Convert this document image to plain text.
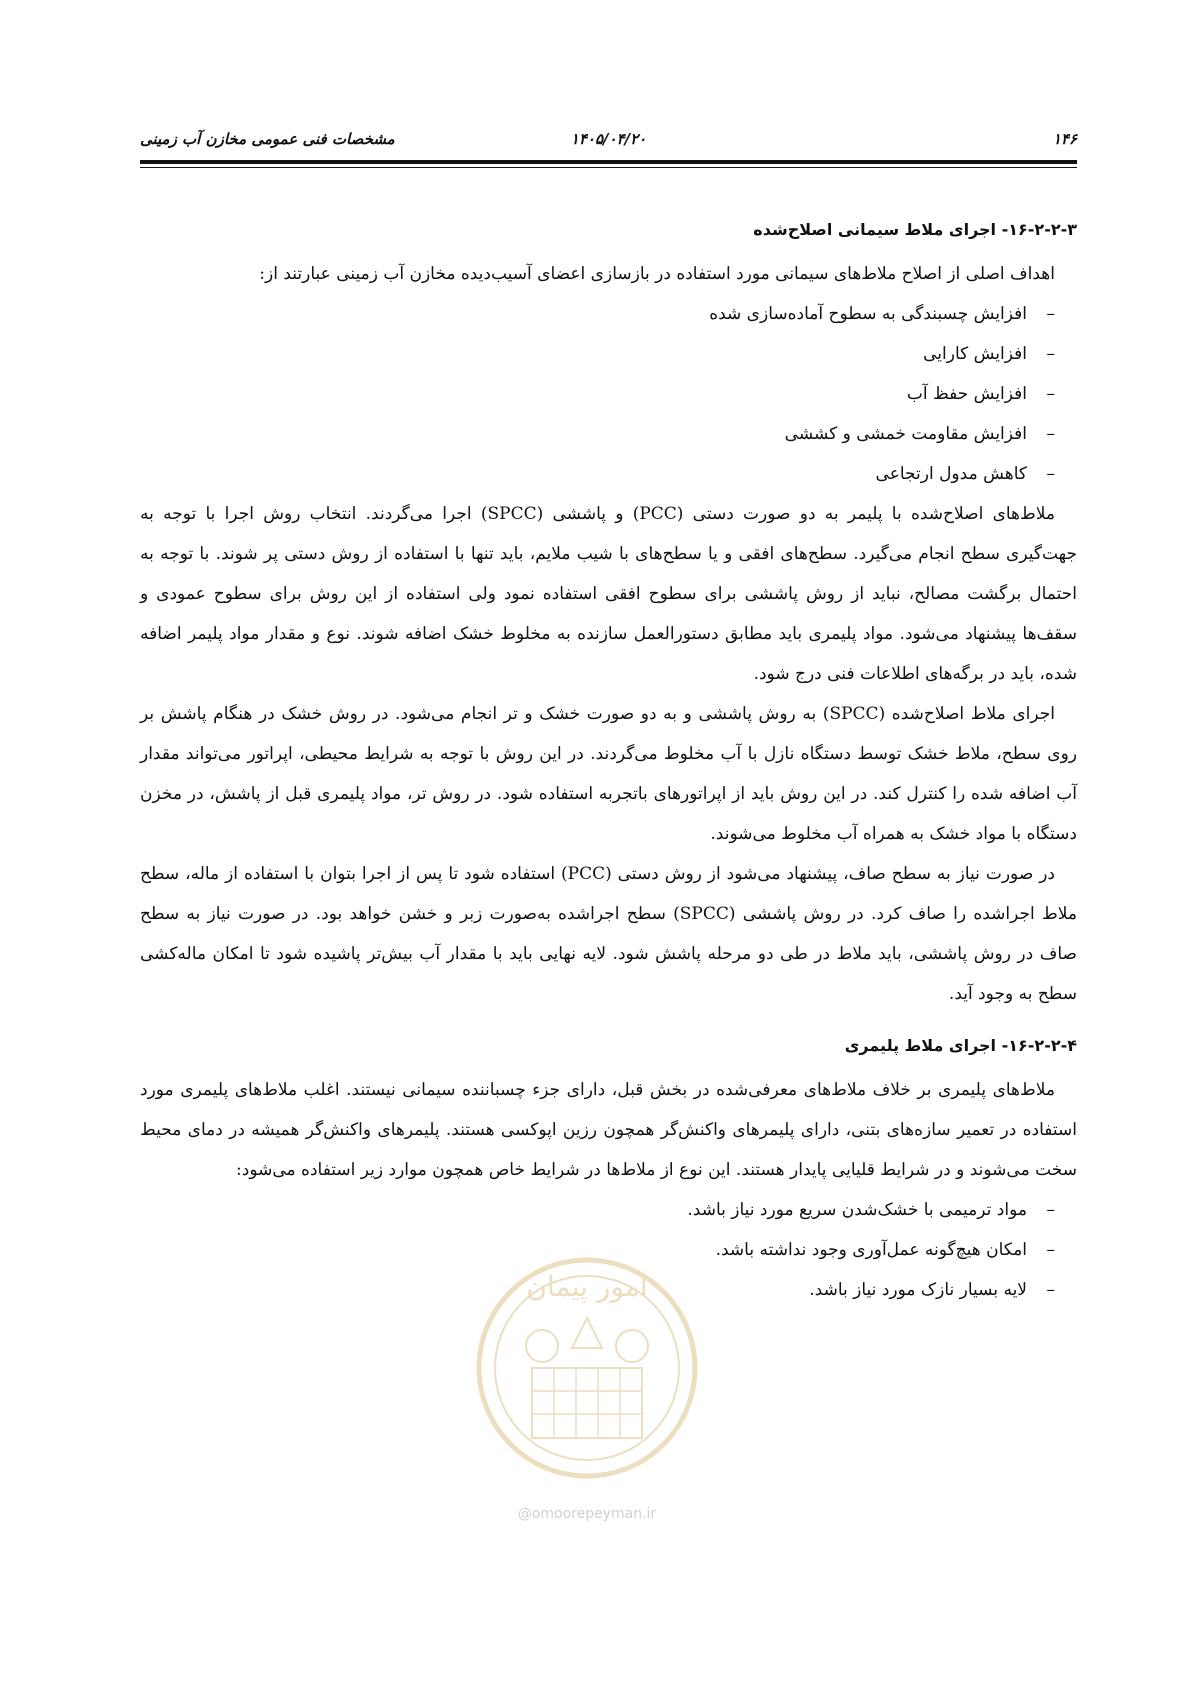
۱۴۶
۱۴۰۵/۰۴/۲۰
مشخصات فنی عمومی مخازن آب زمینی
۱۶-۲-۲-۳- اجرای ملاط سیمانی اصلاح‌شده

اهداف اصلی از اصلاح ملاط‌های سیمانی مورد استفاده در بازسازی اعضای آسیب‌دیده مخازن آب زمینی عبارتند از:

–افزایش چسبندگی به سطوح آماده‌سازی شده
–افزایش کارایی
–افزایش حفظ آب
–افزایش مقاومت خمشی و کششی
–کاهش مدول ارتجاعی

ملاط‌های اصلاح‌شده با پلیمر به دو صورت دستی (PCC) و پاششی (SPCC) اجرا می‌گردند. انتخاب روش اجرا با توجه به جهت‌گیری سطح انجام می‌گیرد. سطح‌های افقی و یا سطح‌های با شیب ملایم، باید تنها با استفاده از روش دستی پر شوند. با توجه به احتمال برگشت مصالح، نباید از روش پاششی برای سطوح افقی استفاده نمود ولی استفاده از این روش برای سطوح عمودی و سقف‌ها پیشنهاد می‌شود. مواد پلیمری باید مطابق دستورالعمل سازنده به مخلوط خشک اضافه شوند. نوع و مقدار مواد پلیمر اضافه شده، باید در برگه‌های اطلاعات فنی درج شود.

اجرای ملاط اصلاح‌شده (SPCC) به روش پاششی و به دو صورت خشک و تر انجام می‌شود. در روش خشک در هنگام پاشش بر روی سطح، ملاط خشک توسط دستگاه نازل با آب مخلوط می‌گردند. در این روش با توجه به شرایط محیطی، اپراتور می‌تواند مقدار آب اضافه شده را کنترل کند. در این روش باید از اپراتورهای باتجربه استفاده شود. در روش تر، مواد پلیمری قبل از پاشش، در مخزن دستگاه با مواد خشک به همراه آب مخلوط می‌شوند.

در صورت نیاز به سطح صاف، پیشنهاد می‌شود از روش دستی (PCC) استفاده شود تا پس از اجرا بتوان با استفاده از ماله، سطح ملاط اجراشده را صاف کرد. در روش پاششی (SPCC) سطح اجراشده به‌صورت زبر و خشن خواهد بود. در صورت نیاز به سطح صاف در روش پاششی، باید ملاط در طی دو مرحله پاشش شود. لایه نهایی باید با مقدار آب بیش‌تر پاشیده شود تا امکان ماله‌کشی سطح به وجود آید.

۱۶-۲-۲-۴- اجرای ملاط پلیمری

ملاط‌های پلیمری بر خلاف ملاط‌های معرفی‌شده در بخش قبل، دارای جزء چسباننده سیمانی نیستند. اغلب ملاط‌های پلیمری مورد استفاده در تعمیر سازه‌های بتنی، دارای پلیمرهای واکنش‌گر همچون رزین اپوکسی هستند. پلیمرهای واکنش‌گر همیشه در دمای محیط سخت می‌شوند و در شرایط قلیایی پایدار هستند. این نوع از ملاط‌ها در شرایط خاص همچون موارد زیر استفاده می‌شود:

–مواد ترمیمی با خشک‌شدن سریع مورد نیاز باشد.
–امکان هیچ‌گونه عمل‌آوری وجود نداشته باشد.
–لایه بسیار نازک مورد نیاز باشد.
امور پیمان
@omoorepeyman.ir
